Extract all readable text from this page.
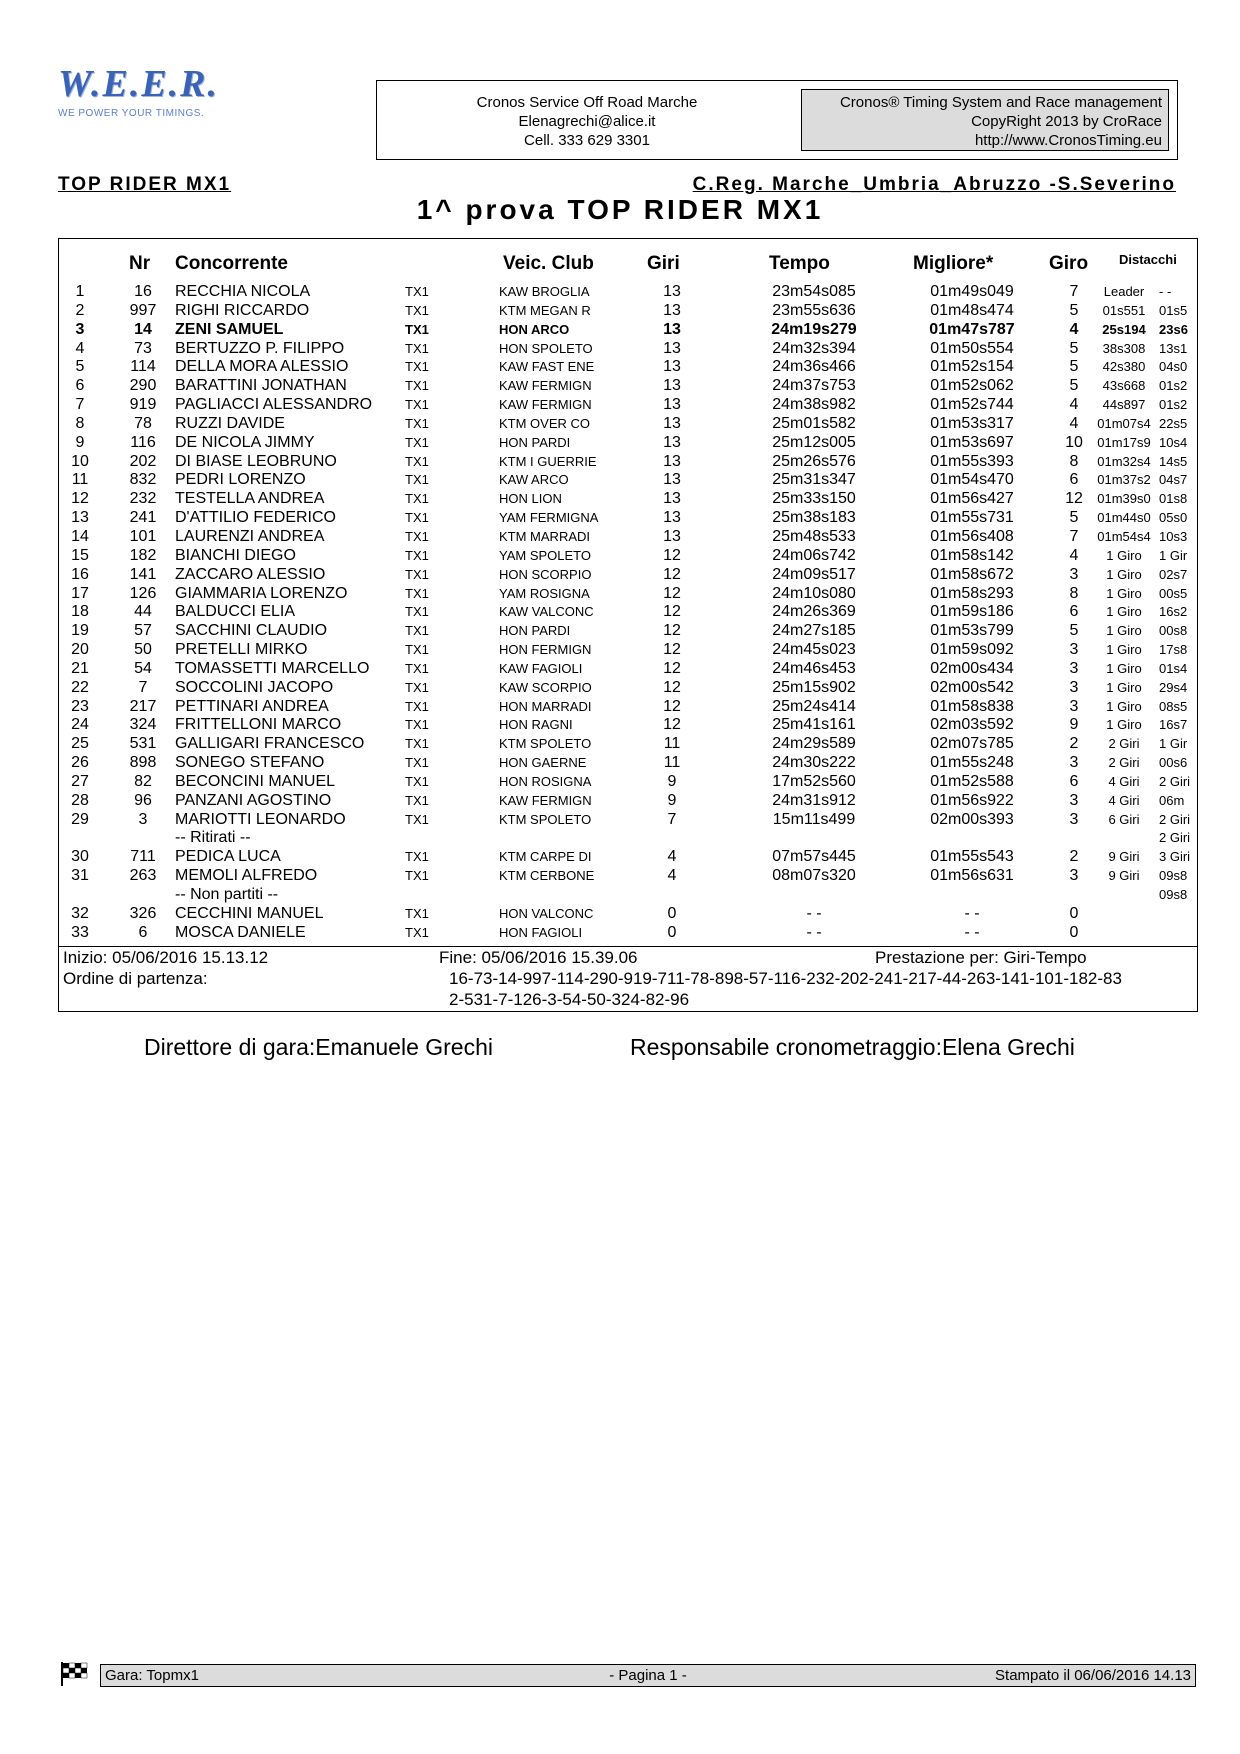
W.E.E.R.
WE POWER YOUR TIMINGS.
Cronos Service Off Road Marche
Elenagrechi@alice.it
Cell. 333 629 3301
Cronos® Timing System and Race management
CopyRight 2013 by CroRace
http://www.CronosTiming.eu
TOP RIDER MX1	C.Reg. Marche_Umbria_Abruzzo -S.Severino
1^ prova TOP RIDER MX1
Nr Concorrente	Veic. Club	Giri	Tempo	Migliore*	Giro Distacchi
1	16	RECCHIA NICOLA	TX1	KAW BROGLIA	13	23m54s085	01m49s049	7	Leader	- -
2	997	RIGHI RICCARDO	TX1	KTM MEGAN R	13	23m55s636	01m48s474	5	01s551	01s5
3	14	ZENI SAMUEL	TX1	HON ARCO	13	24m19s279	01m47s787	4	25s194	23s6
4	73	BERTUZZO P. FILIPPO	TX1	HON SPOLETO	13	24m32s394	01m50s554	5	38s308	13s1
5	114	DELLA MORA ALESSIO	TX1	KAW FAST ENE	13	24m36s466	01m52s154	5	42s380	04s0
6	290	BARATTINI JONATHAN	TX1	KAW FERMIGN	13	24m37s753	01m52s062	5	43s668	01s2
7	919	PAGLIACCI ALESSANDRO	TX1	KAW FERMIGN	13	24m38s982	01m52s744	4	44s897	01s2
8	78	RUZZI DAVIDE	TX1	KTM OVER CO	13	25m01s582	01m53s317	4	01m07s4 22s5
9	116	DE NICOLA JIMMY	TX1	HON PARDI	13	25m12s005	01m53s697	10	01m17s9 10s4
10	202	DI BIASE LEOBRUNO	TX1	KTM I GUERRIE	13	25m26s576	01m55s393	8	01m32s4 14s5
11	832	PEDRI LORENZO	TX1	KAW ARCO	13	25m31s347	01m54s470	6	01m37s2 04s7
12	232	TESTELLA ANDREA	TX1	HON LION	13	25m33s150	01m56s427	12	01m39s0 01s8
13	241	D'ATTILIO FEDERICO	TX1	YAM FERMIGNA	13	25m38s183	01m55s731	5	01m44s0 05s0
14	101	LAURENZI ANDREA	TX1	KTM MARRADI	13	25m48s533	01m56s408	7	01m54s4 10s3
15	182	BIANCHI DIEGO	TX1	YAM SPOLETO	12	24m06s742	01m58s142	4	1 Giro	1 Gir
16	141	ZACCARO ALESSIO	TX1	HON SCORPIO	12	24m09s517	01m58s672	3	1 Giro	02s7
17	126	GIAMMARIA LORENZO	TX1	YAM ROSIGNA	12	24m10s080	01m58s293	8	1 Giro	00s5
18	44	BALDUCCI ELIA	TX1	KAW VALCONC	12	24m26s369	01m59s186	6	1 Giro	16s2
19	57	SACCHINI CLAUDIO	TX1	HON PARDI	12	24m27s185	01m53s799	5	1 Giro	00s8
20	50	PRETELLI MIRKO	TX1	HON FERMIGN	12	24m45s023	01m59s092	3	1 Giro	17s8
21	54	TOMASSETTI MARCELLO	TX1	KAW FAGIOLI	12	24m46s453	02m00s434	3	1 Giro	01s4
22	7	SOCCOLINI JACOPO	TX1	KAW SCORPIO	12	25m15s902	02m00s542	3	1 Giro	29s4
23	217	PETTINARI ANDREA	TX1	HON MARRADI	12	25m24s414	01m58s838	3	1 Giro	08s5
24	324	FRITTELLONI MARCO	TX1	HON RAGNI	12	25m41s161	02m03s592	9	1 Giro	16s7
25	531	GALLIGARI FRANCESCO	TX1	KTM SPOLETO	11	24m29s589	02m07s785	2	2 Giri	1 Gir
26	898	SONEGO STEFANO	TX1	HON GAERNE	11	24m30s222	01m55s248	3	2 Giri	00s6
27	82	BECONCINI MANUEL	TX1	HON ROSIGNA	9	17m52s560	01m52s588	6	4 Giri	2 Giri
28	96	PANZANI AGOSTINO	TX1	KAW FERMIGN	9	24m31s912	01m56s922	3	4 Giri	06m
29	3	MARIOTTI LEONARDO	TX1	KTM SPOLETO	7	15m11s499	02m00s393	3	6 Giri	2 Giri
-- Ritirati --	2 Giri
30	711	PEDICA LUCA	TX1	KTM CARPE DI	4	07m57s445	01m55s543	2	9 Giri	3 Giri
31	263	MEMOLI ALFREDO	TX1	KTM CERBONE	4	08m07s320	01m56s631	3	9 Giri	09s8
-- Non partiti --	09s8
32	326	CECCHINI MANUEL	TX1	HON VALCONC	0	- -	- -	0
33	6	MOSCA DANIELE	TX1	HON FAGIOLI	0	- -	- -	0
Inizio: 05/06/2016 15.13.12	Fine: 05/06/2016 15.39.06	Prestazione per: Giri-Tempo
Ordine di partenza:	16-73-14-997-114-290-919-711-78-898-57-116-232-202-241-217-44-263-141-101-182-83
2-531-7-126-3-54-50-324-82-96
Direttore di gara:Emanuele Grechi	Responsabile cronometraggio:Elena Grechi
Gara: Topmx1	- Pagina 1 -	Stampato il 06/06/2016 14.13
